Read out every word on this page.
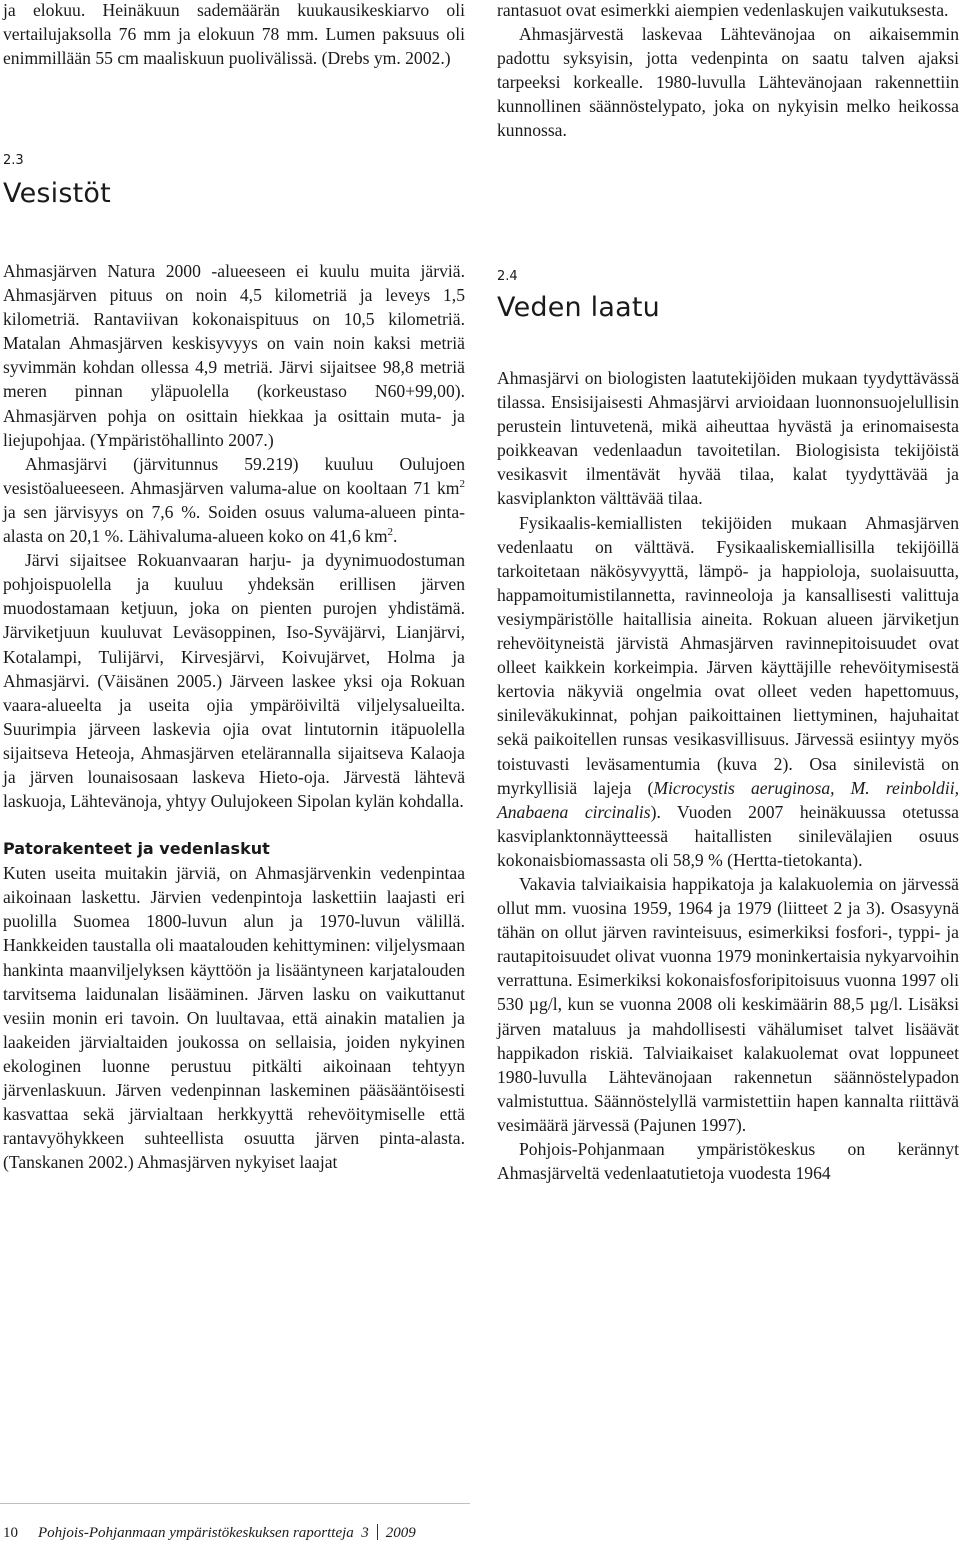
ja elokuu. Heinäkuun sademäärän kuukausikeskiarvo oli vertailujaksolla 76 mm ja elokuun 78 mm. Lumen paksuus oli enimmillään 55 cm maaliskuun puolivälissä. (Drebs ym. 2002.)

2.3
Vesistöt

Ahmasjärven Natura 2000 -alueeseen ei kuulu muita järviä. Ahmasjärven pituus on noin 4,5 kilometriä ja leveys 1,5 kilometriä. Rantaviivan kokonaispituus on 10,5 kilometriä. Matalan Ahmasjärven keskisyvyys on vain noin kaksi metriä syvimmän kohdan ollessa 4,9 metriä. Järvi sijaitsee 98,8 metriä meren pinnan yläpuolella (korkeustaso N60+99,00). Ahmasjärven pohja on osittain hiekkaa ja osittain muta- ja liejupohjaa. (Ympäristöhallinto 2007.)

Ahmasjärvi (järvitunnus 59.219) kuuluu Oulujoen vesistöalueeseen. Ahmasjärven valuma-alue on kooltaan 71 $km^2$ ja sen järvisyys on 7,6 %. Soiden osuus valuma-alueen pinta-alasta on 20,1 %. Lähivaluma-alueen koko on 41,6 $km^2$.

Järvi sijaitsee Rokuanvaaran harju- ja dyynimuodostuman pohjoispuolella ja kuuluu yhdeksän erillisen järven muodostamaan ketjuun, joka on pienten purojen yhdistämä. Järviketjuun kuuluvat Leväsoppinen, Iso-Syväjärvi, Lianjärvi, Kotalampi, Tulijärvi, Kirvesjärvi, Koivujärvet, Holma ja Ahmasjärvi. (Väisänen 2005.) Järveen laskee yksi oja Rokuan vaara-alueelta ja useita ojia ympäröiviltä viljelysalueilta. Suurimpia järveen laskevia ojia ovat lintutornin itäpuolella sijaitseva Heteoja, Ahmasjärven etelärannalla sijaitseva Kalaoja ja järven lounaisosaan laskeva Hieto-oja. Järvestä lähtevä laskuoja, Lähtevänoja, yhtyy Oulujokeen Sipolan kylän kohdalla.

Patorakenteet ja vedenlaskut

Kuten useita muitakin järviä, on Ahmasjärvenkin vedenpintaa aikoinaan laskettu. Järvien vedenpintoja laskettiin laajasti eri puolilla Suomea 1800-luvun alun ja 1970-luvun välillä. Hankkeiden taustalla oli maatalouden kehittyminen: viljelysmaan hankinta maanviljelyksen käyttöön ja lisääntyneen karjatalouden tarvitsema laidunalan lisääminen. Järven lasku on vaikuttanut vesiin monin eri tavoin. On luultavaa, että ainakin matalien ja laakeiden järvialtaiden joukossa on sellaisia, joiden nykyinen ekologinen luonne perustuu pitkälti aikoinaan tehtyyn järvenlaskuun. Järven vedenpinnan laskeminen pääsääntöisesti kasvattaa sekä järvialtaan herkkyyttä rehevöitymiselle että rantavyöhykkeen suhteellista osuutta järven pinta-alasta. (Tanskanen 2002.) Ahmasjärven nykyiset laajat

rantasuot ovat esimerkki aiempien vedenlaskujen vaikutuksesta.

Ahmasjärvestä laskevaa Lähtevänojaa on aikaisemmin padottu syksyisin, jotta vedenpinta on saatu talven ajaksi tarpeeksi korkealle. 1980-luvulla Lähtevänojaan rakennettiin kunnollinen säännöstelypato, joka on nykyisin melko heikossa kunnossa.

2.4
Veden laatu

Ahmasjärvi on biologisten laatutekijöiden mukaan tyydyttävässä tilassa. Ensisijaisesti Ahmasjärvi arvioidaan luonnonsuojelullisin perustein lintuvetenä, mikä aiheuttaa hyvästä ja erinomaisesta poikkeavan vedenlaadun tavoitetilan. Biologisista tekijöistä vesikasvit ilmentävät hyvää tilaa, kalat tyydyttävää ja kasviplankton välttävää tilaa.

Fysikaalis-kemiallisten tekijöiden mukaan Ahmasjärven vedenlaatu on välttävä. Fysikaaliskemiallisilla tekijöillä tarkoitetaan näkösyvyyttä, lämpö- ja happioloja, suolaisuutta, happamoitumistilannetta, ravinneoloja ja kansallisesti valittuja vesiympäristölle haitallisia aineita. Rokuan alueen järviketjun rehevöityneistä järvistä Ahmasjärven ravinnepitoisuudet ovat olleet kaikkein korkeimpia. Järven käyttäjille rehevöitymisestä kertovia näkyviä ongelmia ovat olleet veden hapettomuus, sinileväkukinnat, pohjan paikoittainen liettyminen, hajuhaitat sekä paikoitellen runsas vesikasvillisuus. Järvessä esiintyy myös toistuvasti leväsamentumia (kuva 2). Osa sinilevistä on myrkyllisiä lajeja (Microcystis aeruginosa, M. reinboldii, Anabaena circinalis). Vuoden 2007 heinäkuussa otetussa kasviplanktonnäytteessä haitallisten sinilevälajien osuus kokonaisbiomassasta oli 58,9 % (Hertta-tietokanta).

Vakavia talviaikaisia happikatoja ja kalakuolemia on järvessä ollut mm. vuosina 1959, 1964 ja 1979 (liitteet 2 ja 3). Osasyynä tähän on ollut järven ravinteisuus, esimerkiksi fosfori-, typpi- ja rautapitoisuudet olivat vuonna 1979 moninkertaisia nykyarvoihin verrattuna. Esimerkiksi kokonaisfosforipitoisuus vuonna 1997 oli 530 µg/l, kun se vuonna 2008 oli keskimäärin 88,5 µg/l. Lisäksi järven mataluus ja mahdollisesti vähälumiset talvet lisäävät happikadon riskiä. Talviaikaiset kalakuolemat ovat loppuneet 1980-luvulla Lähtevänojaan rakennetun säännöstelypadon valmistuttua. Säännöstelyllä varmistettiin hapen kannalta riittävä vesimäärä järvessä (Pajunen 1997).

Pohjois-Pohjanmaan ympäristökeskus on kerännyt Ahmasjärveltä vedenlaatutietoja vuodesta 1964

10 Pohjois-Pohjanmaan ympäristökeskuksen raportteja 3 2009
